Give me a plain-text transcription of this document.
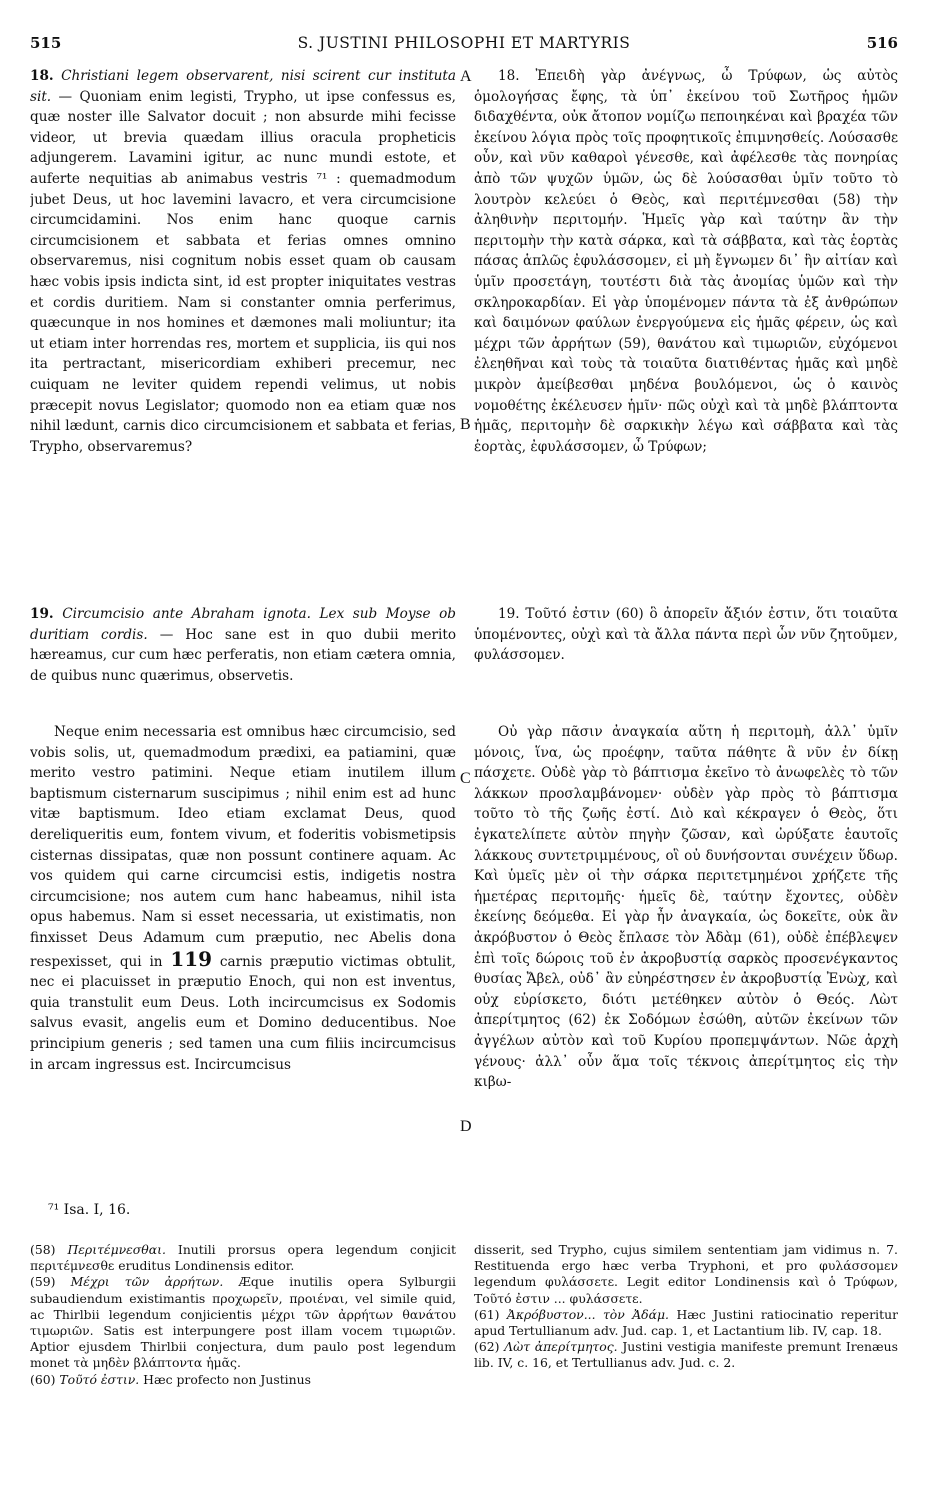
515	S. JUSTINI PHILOSOPHI ET MARTYRIS	516

18. Christiani legem observarent, nisi scirent cur instituta sit. — Quoniam enim legisti, Trypho, ut ipse confessus es, quæ noster ille Salvator docuit ; non absurde mihi fecisse videor, ut brevia quædam illius oracula propheticis adjungerem. Lavamini igitur, ac nunc mundi estote, et auferte nequitias ab animabus vestris ⁷¹ : quemadmodum jubet Deus, ut hoc lavemini lavacro, et vera circumcisione circumcidamini. Nos enim hanc quoque carnis circumcisionem et sabbata et ferias omnes omnino observaremus, nisi cognitum nobis esset quam ob causam hæc vobis ipsis indicta sint, id est propter iniquitates vestras et cordis duritiem. Nam si constanter omnia perferimus, quæcunque in nos homines et dæmones mali moliuntur; ita ut etiam inter horrendas res, mortem et supplicia, iis qui nos ita pertractant, misericordiam exhiberi precemur, nec cuiquam ne leviter quidem rependi velimus, ut nobis præcepit novus Legislator; quomodo non ea etiam quæ nos nihil lædunt, carnis dico circumcisionem et sabbata et ferias, Trypho, observaremus?

19. Circumcisio ante Abraham ignota. Lex sub Moyse ob duritiam cordis. — Hoc sane est in quo dubii merito hæreamus, cur cum hæc perferatis, non etiam cætera omnia, de quibus nunc quærimus, observetis.

Neque enim necessaria est omnibus hæc circumcisio, sed vobis solis, ut, quemadmodum prædixi, ea patiamini, quæ merito vestro patimini. Neque etiam inutilem illum baptismum cisternarum suscipimus ; nihil enim est ad hunc vitæ baptismum. Ideo etiam exclamat Deus, quod dereliqueritis eum, fontem vivum, et foderitis vobismetipsis cisternas dissipatas, quæ non possunt continere aquam. Ac vos quidem qui carne circumcisi estis, indigetis nostra circumcisione; nos autem cum hanc habeamus, nihil ista opus habemus. Nam si esset necessaria, ut existimatis, non finxisset Deus Adamum cum præputio, nec Abelis dona respexisset, qui in 119 carnis præputio victimas obtulit, nec ei placuisset in præputio Enoch, qui non est inventus, quia transtulit eum Deus. Loth incircumcisus ex Sodomis salvus evasit, angelis eum et Domino deducentibus. Noe principium generis ; sed tamen una cum filiis incircumcisus in arcam ingressus est. Incircumcisus

18. Ἐπειδὴ γὰρ ἀνέγνως, ὦ Τρύφων, ὡς αὐτὸς ὁμολογήσας ἔφης, τὰ ὑπ᾽ ἐκείνου τοῦ Σωτῆρος ἡμῶν διδαχθέντα, οὐκ ἄτοπον νομίζω πεποιηκέναι καὶ βραχέα τῶν ἐκείνου λόγια πρὸς τοῖς προφητικοῖς ἐπιμνησθείς. Λούσασθε οὖν, καὶ νῦν καθαροὶ γένεσθε, καὶ ἀφέλεσθε τὰς πονηρίας ἀπὸ τῶν ψυχῶν ὑμῶν, ὡς δὲ λούσασθαι ὑμῖν τοῦτο τὸ λουτρὸν κελεύει ὁ Θεὸς, καὶ περιτέμνεσθαι (58) τὴν ἀληθινὴν περιτομήν. Ἡμεῖς γὰρ καὶ ταύτην ἂν τὴν περιτομὴν τὴν κατὰ σάρκα, καὶ τὰ σάββατα, καὶ τὰς ἑορτὰς πάσας ἁπλῶς ἐφυλάσσομεν, εἰ μὴ ἔγνωμεν δι᾽ ἣν αἰτίαν καὶ ὑμῖν προσετάγη, τουτέστι διὰ τὰς ἀνομίας ὑμῶν καὶ τὴν σκληροκαρδίαν. Εἰ γὰρ ὑπομένομεν πάντα τὰ ἐξ ἀνθρώπων καὶ δαιμόνων φαύλων ἐνεργούμενα εἰς ἡμᾶς φέρειν, ὡς καὶ μέχρι τῶν ἀρρήτων (59), θανάτου καὶ τιμωριῶν, εὐχόμενοι ἐλεηθῆναι καὶ τοὺς τὰ τοιαῦτα διατιθέντας ἡμᾶς καὶ μηδὲ μικρὸν ἀμείβεσθαι μηδένα βουλόμενοι, ὡς ὁ καινὸς νομοθέτης ἐκέλευσεν ἡμῖν· πῶς οὐχὶ καὶ τὰ μηδὲ βλάπτοντα ἡμᾶς, περιτομὴν δὲ σαρκικὴν λέγω καὶ σάββατα καὶ τὰς ἑορτὰς, ἐφυλάσσομεν, ὦ Τρύφων;

19. Τοῦτό ἐστιν (60) ὃ ἀπορεῖν ἄξιόν ἐστιν, ὅτι τοιαῦτα ὑπομένοντες, οὐχὶ καὶ τὰ ἄλλα πάντα περὶ ὧν νῦν ζητοῦμεν, φυλάσσομεν.

Οὐ γὰρ πᾶσιν ἀναγκαία αὕτη ἡ περιτομὴ, ἀλλ᾽ ὑμῖν μόνοις, ἵνα, ὡς προέφην, ταῦτα πάθητε ἃ νῦν ἐν δίκῃ πάσχετε. Οὐδὲ γὰρ τὸ βάπτισμα ἐκεῖνο τὸ ἀνωφελὲς τὸ τῶν λάκκων προσλαμβάνομεν· οὐδὲν γὰρ πρὸς τὸ βάπτισμα τοῦτο τὸ τῆς ζωῆς ἐστί. Διὸ καὶ κέκραγεν ὁ Θεὸς, ὅτι ἐγκατελίπετε αὐτὸν πηγὴν ζῶσαν, καὶ ὠρύξατε ἑαυτοῖς λάκκους συντετριμμένους, οἳ οὐ δυνήσονται συνέχειν ὕδωρ. Καὶ ὑμεῖς μὲν οἱ τὴν σάρκα περιτετμημένοι χρήζετε τῆς ἡμετέρας περιτομῆς· ἡμεῖς δὲ, ταύτην ἔχοντες, οὐδὲν ἐκείνης δεόμεθα. Εἰ γὰρ ἦν ἀναγκαία, ὡς δοκεῖτε, οὐκ ἂν ἀκρόβυστον ὁ Θεὸς ἔπλασε τὸν Ἀδὰμ (61), οὐδὲ ἐπέβλεψεν ἐπὶ τοῖς δώροις τοῦ ἐν ἀκροβυστίᾳ σαρκὸς προσενέγκαντος θυσίας Ἄβελ, οὐδ᾽ ἂν εὐηρέστησεν ἐν ἀκροβυστίᾳ Ἐνὼχ, καὶ οὐχ εὑρίσκετο, διότι μετέθηκεν αὐτὸν ὁ Θεός. Λὼτ ἀπερίτμητος (62) ἐκ Σοδόμων ἐσώθη, αὐτῶν ἐκείνων τῶν ἀγγέλων αὐτὸν καὶ τοῦ Κυρίου προπεμψάντων. Νῶε ἀρχὴ γένους· ἀλλ᾽ οὖν ἅμα τοῖς τέκνοις ἀπερίτμητος εἰς τὴν κιβω-

A
B
C
D
⁷¹ Isa. I, 16.

(58) Περιτέμνεσθαι. Inutili prorsus opera legendum conjicit περιτέμνεσθε eruditus Londinensis editor.

(59) Μέχρι τῶν ἀρρήτων. Æque inutilis opera Sylburgii subaudiendum existimantis προχωρεῖν, προιέναι, vel simile quid, ac Thirlbii legendum conjicientis μέχρι τῶν ἀρρήτων θανάτου τιμωριῶν. Satis est interpungere post illam vocem τιμωριῶν. Aptior ejusdem Thirlbii conjectura, dum paulo post legendum monet τὰ μηδὲν βλάπτοντα ἡμᾶς.

(60) Τοῦτό ἐστιν. Hæc profecto non Justinus

disserit, sed Trypho, cujus similem sententiam jam vidimus n. 7. Restituenda ergo hæc verba Tryphoni, et pro φυλάσσομεν legendum φυλάσσετε. Legit editor Londinensis καὶ ὁ Τρύφων, Τοῦτό ἐστιν ... φυλάσσετε.

(61) Ἀκρόβυστον... τὸν Ἀδάμ. Hæc Justini ratiocinatio reperitur apud Tertullianum adv. Jud. cap. 1, et Lactantium lib. IV, cap. 18.

(62) Λὼτ ἀπερίτμητος. Justini vestigia manifeste premunt Irenæus lib. IV, c. 16, et Tertullianus adv. Jud. c. 2.
